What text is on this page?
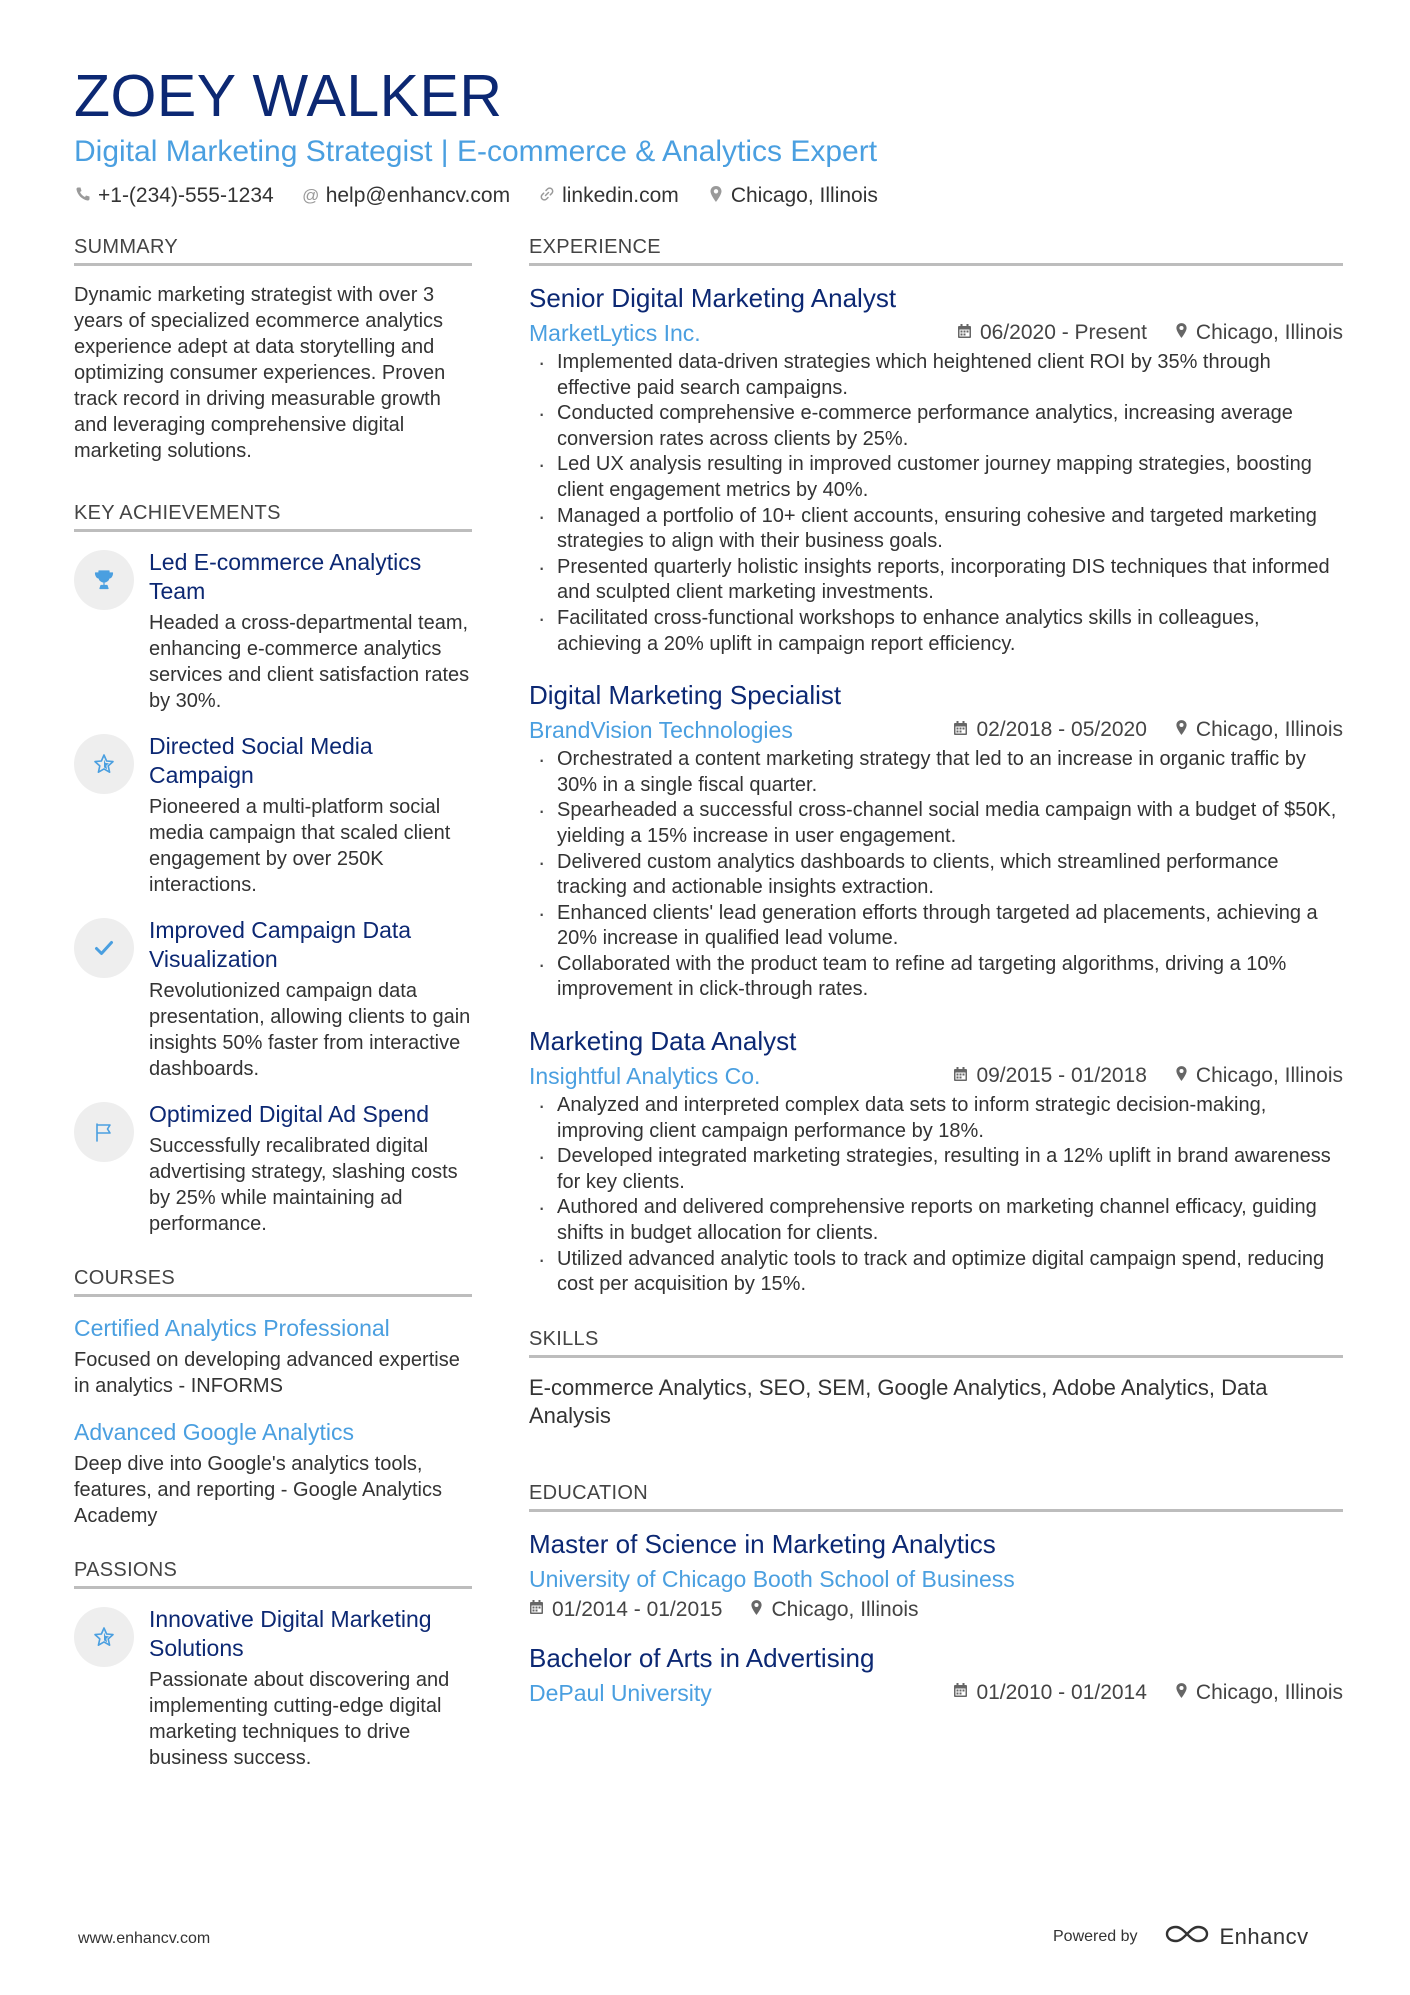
ZOEY WALKER
Digital Marketing Strategist | E-commerce & Analytics Expert
+1-(234)-555-1234 @ help@enhancv.com linkedin.com Chicago, Illinois
SUMMARY
Dynamic marketing strategist with over 3 years of specialized ecommerce analytics experience adept at data storytelling and optimizing consumer experiences. Proven track record in driving measurable growth and leveraging comprehensive digital marketing solutions.
KEY ACHIEVEMENTS
Led E-commerce Analytics Team
Headed a cross-departmental team, enhancing e-commerce analytics services and client satisfaction rates by 30%.
Directed Social Media Campaign
Pioneered a multi-platform social media campaign that scaled client engagement by over 250K interactions.
Improved Campaign Data Visualization
Revolutionized campaign data presentation, allowing clients to gain insights 50% faster from interactive dashboards.
Optimized Digital Ad Spend
Successfully recalibrated digital advertising strategy, slashing costs by 25% while maintaining ad performance.
COURSES
Certified Analytics Professional
Focused on developing advanced expertise in analytics - INFORMS
Advanced Google Analytics
Deep dive into Google's analytics tools, features, and reporting - Google Analytics Academy
PASSIONS
Innovative Digital Marketing Solutions
Passionate about discovering and implementing cutting-edge digital marketing techniques to drive business success.
EXPERIENCE
Senior Digital Marketing Analyst
MarketLytics Inc.	06/2020 - Present Chicago, Illinois
· Implemented data-driven strategies which heightened client ROI by 35% through effective paid search campaigns.
· Conducted comprehensive e-commerce performance analytics, increasing average conversion rates across clients by 25%.
· Led UX analysis resulting in improved customer journey mapping strategies, boosting client engagement metrics by 40%.
· Managed a portfolio of 10+ client accounts, ensuring cohesive and targeted marketing strategies to align with their business goals.
· Presented quarterly holistic insights reports, incorporating DIS techniques that informed and sculpted client marketing investments.
· Facilitated cross-functional workshops to enhance analytics skills in colleagues, achieving a 20% uplift in campaign report efficiency.
Digital Marketing Specialist
BrandVision Technologies	02/2018 - 05/2020 Chicago, Illinois
· Orchestrated a content marketing strategy that led to an increase in organic traffic by 30% in a single fiscal quarter.
· Spearheaded a successful cross-channel social media campaign with a budget of $50K, yielding a 15% increase in user engagement.
· Delivered custom analytics dashboards to clients, which streamlined performance tracking and actionable insights extraction.
· Enhanced clients' lead generation efforts through targeted ad placements, achieving a 20% increase in qualified lead volume.
· Collaborated with the product team to refine ad targeting algorithms, driving a 10% improvement in click-through rates.
Marketing Data Analyst
Insightful Analytics Co.	09/2015 - 01/2018 Chicago, Illinois
· Analyzed and interpreted complex data sets to inform strategic decision-making, improving client campaign performance by 18%.
· Developed integrated marketing strategies, resulting in a 12% uplift in brand awareness for key clients.
· Authored and delivered comprehensive reports on marketing channel efficacy, guiding shifts in budget allocation for clients.
· Utilized advanced analytic tools to track and optimize digital campaign spend, reducing cost per acquisition by 15%.
SKILLS
E-commerce Analytics, SEO, SEM, Google Analytics, Adobe Analytics, Data Analysis
EDUCATION
Master of Science in Marketing Analytics
University of Chicago Booth School of Business
01/2014 - 01/2015 Chicago, Illinois
Bachelor of Arts in Advertising
DePaul University	01/2010 - 01/2014 Chicago, Illinois
www.enhancv.com	Powered by	Enhancv
